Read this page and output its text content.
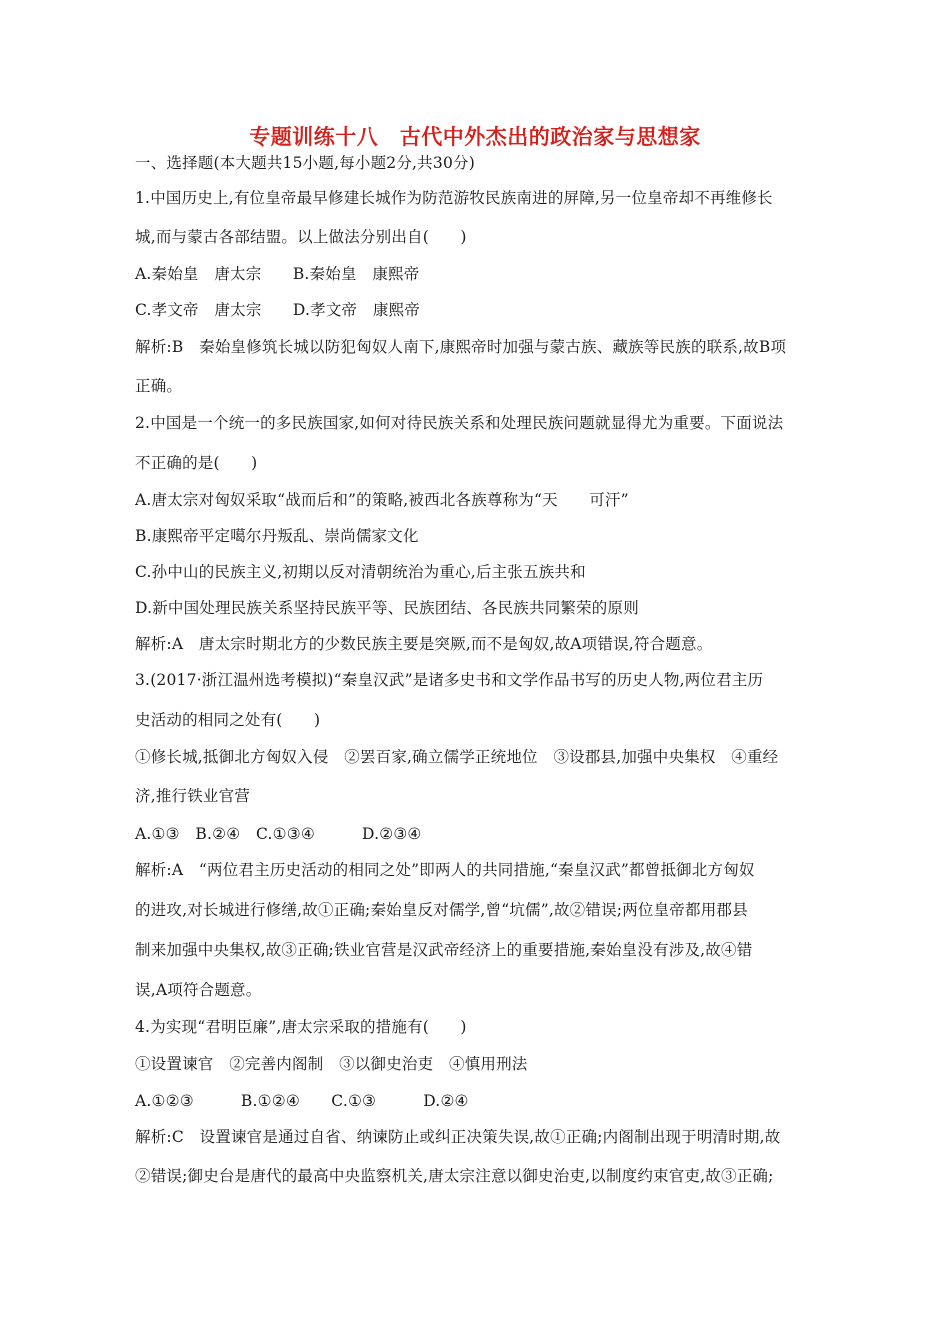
专题训练十八　古代中外杰出的政治家与思想家
一、选择题(本大题共15小题,每小题2分,共30分)
1.中国历史上,有位皇帝最早修建长城作为防范游牧民族南进的屏障,另一位皇帝却不再维修长
城,而与蒙古各部结盟。以上做法分别出自(　　)
A.秦始皇　唐太宗　　B.秦始皇　康熙帝
C.孝文帝　唐太宗　　D.孝文帝　康熙帝
解析:B　秦始皇修筑长城以防犯匈奴人南下,康熙帝时加强与蒙古族、藏族等民族的联系,故B项
正确。
2.中国是一个统一的多民族国家,如何对待民族关系和处理民族问题就显得尤为重要。下面说法
不正确的是(　　)
A.唐太宗对匈奴采取“战而后和”的策略,被西北各族尊称为“天　　可汗”
B.康熙帝平定噶尔丹叛乱、崇尚儒家文化
C.孙中山的民族主义,初期以反对清朝统治为重心,后主张五族共和
D.新中国处理民族关系坚持民族平等、民族团结、各民族共同繁荣的原则
解析:A　唐太宗时期北方的少数民族主要是突厥,而不是匈奴,故A项错误,符合题意。
3.(2017·浙江温州选考模拟)“秦皇汉武”是诸多史书和文学作品书写的历史人物,两位君主历
史活动的相同之处有(　　)
①修长城,抵御北方匈奴入侵　②罢百家,确立儒学正统地位　③设郡县,加强中央集权　④重经
济,推行铁业官营
A.①③　B.②④　C.①③④　　　D.②③④
解析:A　“两位君主历史活动的相同之处”即两人的共同措施,“秦皇汉武”都曾抵御北方匈奴
的进攻,对长城进行修缮,故①正确;秦始皇反对儒学,曾“坑儒”,故②错误;两位皇帝都用郡县
制来加强中央集权,故③正确;铁业官营是汉武帝经济上的重要措施,秦始皇没有涉及,故④错
误,A项符合题意。
4.为实现“君明臣廉”,唐太宗采取的措施有(　　)
①设置谏官　②完善内阁制　③以御史治吏　④慎用刑法
A.①②③　　　B.①②④　　C.①③　　　D.②④
解析:C　设置谏官是通过自省、纳谏防止或纠正决策失误,故①正确;内阁制出现于明清时期,故
②错误;御史台是唐代的最高中央监察机关,唐太宗注意以御史治吏,以制度约束官吏,故③正确;
